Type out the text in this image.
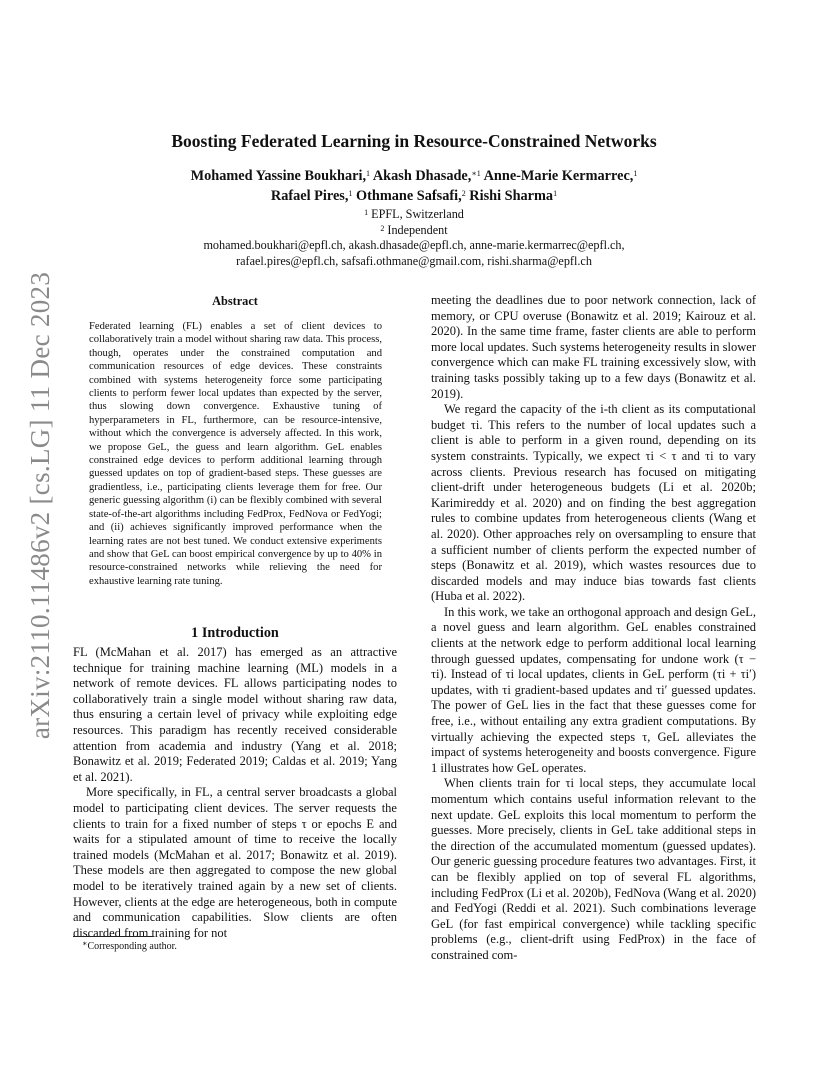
arXiv:2110.11486v2 [cs.LG] 11 Dec 2023
Boosting Federated Learning in Resource-Constrained Networks
Mohamed Yassine Boukhari,$^1$ Akash Dhasade,$^{∗1}$ Anne-Marie Kermarrec,$^1$
Rafael Pires,$^1$ Othmane Safsafi,$^2$ Rishi Sharma$^1$
$^1$ EPFL, Switzerland
$^2$ Independent
mohamed.boukhari@epfl.ch, akash.dhasade@epfl.ch, anne-marie.kermarrec@epfl.ch,
rafael.pires@epfl.ch, safsafi.othmane@gmail.com, rishi.sharma@epfl.ch
Abstract
Federated learning (FL) enables a set of client devices to collaboratively train a model without sharing raw data. This process, though, operates under the constrained computation and communication resources of edge devices. These constraints combined with systems heterogeneity force some participating clients to perform fewer local updates than expected by the server, thus slowing down convergence. Exhaustive tuning of hyperparameters in FL, furthermore, can be resource-intensive, without which the convergence is adversely affected. In this work, we propose GeL, the guess and learn algorithm. GeL enables constrained edge devices to perform additional learning through guessed updates on top of gradient-based steps. These guesses are gradientless, i.e., participating clients leverage them for free. Our generic guessing algorithm (i) can be flexibly combined with several state-of-the-art algorithms including FedProx, FedNova or FedYogi; and (ii) achieves significantly improved performance when the learning rates are not best tuned. We conduct extensive experiments and show that GeL can boost empirical convergence by up to 40% in resource-constrained networks while relieving the need for exhaustive learning rate tuning.
1 Introduction

FL (McMahan et al. 2017) has emerged as an attractive technique for training machine learning (ML) models in a network of remote devices. FL allows participating nodes to collaboratively train a single model without sharing raw data, thus ensuring a certain level of privacy while exploiting edge resources. This paradigm has recently received considerable attention from academia and industry (Yang et al. 2018; Bonawitz et al. 2019; Federated 2019; Caldas et al. 2019; Yang et al. 2021).

More specifically, in FL, a central server broadcasts a global model to participating client devices. The server requests the clients to train for a fixed number of steps τ or epochs E and waits for a stipulated amount of time to receive the locally trained models (McMahan et al. 2017; Bonawitz et al. 2019). These models are then aggregated to compose the new global model to be iteratively trained again by a new set of clients. However, clients at the edge are heterogeneous, both in compute and communication capabilities. Slow clients are often discarded from training for not

meeting the deadlines due to poor network connection, lack of memory, or CPU overuse (Bonawitz et al. 2019; Kairouz et al. 2020). In the same time frame, faster clients are able to perform more local updates. Such systems heterogeneity results in slower convergence which can make FL training excessively slow, with training tasks possibly taking up to a few days (Bonawitz et al. 2019).

We regard the capacity of the i-th client as its computational budget τi. This refers to the number of local updates such a client is able to perform in a given round, depending on its system constraints. Typically, we expect τi < τ and τi to vary across clients. Previous research has focused on mitigating client-drift under heterogeneous budgets (Li et al. 2020b; Karimireddy et al. 2020) and on finding the best aggregation rules to combine updates from heterogeneous clients (Wang et al. 2020). Other approaches rely on oversampling to ensure that a sufficient number of clients perform the expected number of steps (Bonawitz et al. 2019), which wastes resources due to discarded models and may induce bias towards fast clients (Huba et al. 2022).

In this work, we take an orthogonal approach and design GeL, a novel guess and learn algorithm. GeL enables constrained clients at the network edge to perform additional local learning through guessed updates, compensating for undone work (τ − τi). Instead of τi local updates, clients in GeL perform (τi + τi′) updates, with τi gradient-based updates and τi′ guessed updates. The power of GeL lies in the fact that these guesses come for free, i.e., without entailing any extra gradient computations. By virtually achieving the expected steps τ, GeL alleviates the impact of systems heterogeneity and boosts convergence. Figure 1 illustrates how GeL operates.

When clients train for τi local steps, they accumulate local momentum which contains useful information relevant to the next update. GeL exploits this local momentum to perform the guesses. More precisely, clients in GeL take additional steps in the direction of the accumulated momentum (guessed updates). Our generic guessing procedure features two advantages. First, it can be flexibly applied on top of several FL algorithms, including FedProx (Li et al. 2020b), FedNova (Wang et al. 2020) and FedYogi (Reddi et al. 2021). Such combinations leverage GeL (for fast empirical convergence) while tackling specific problems (e.g., client-drift using FedProx) in the face of constrained com-

∗Corresponding author.
